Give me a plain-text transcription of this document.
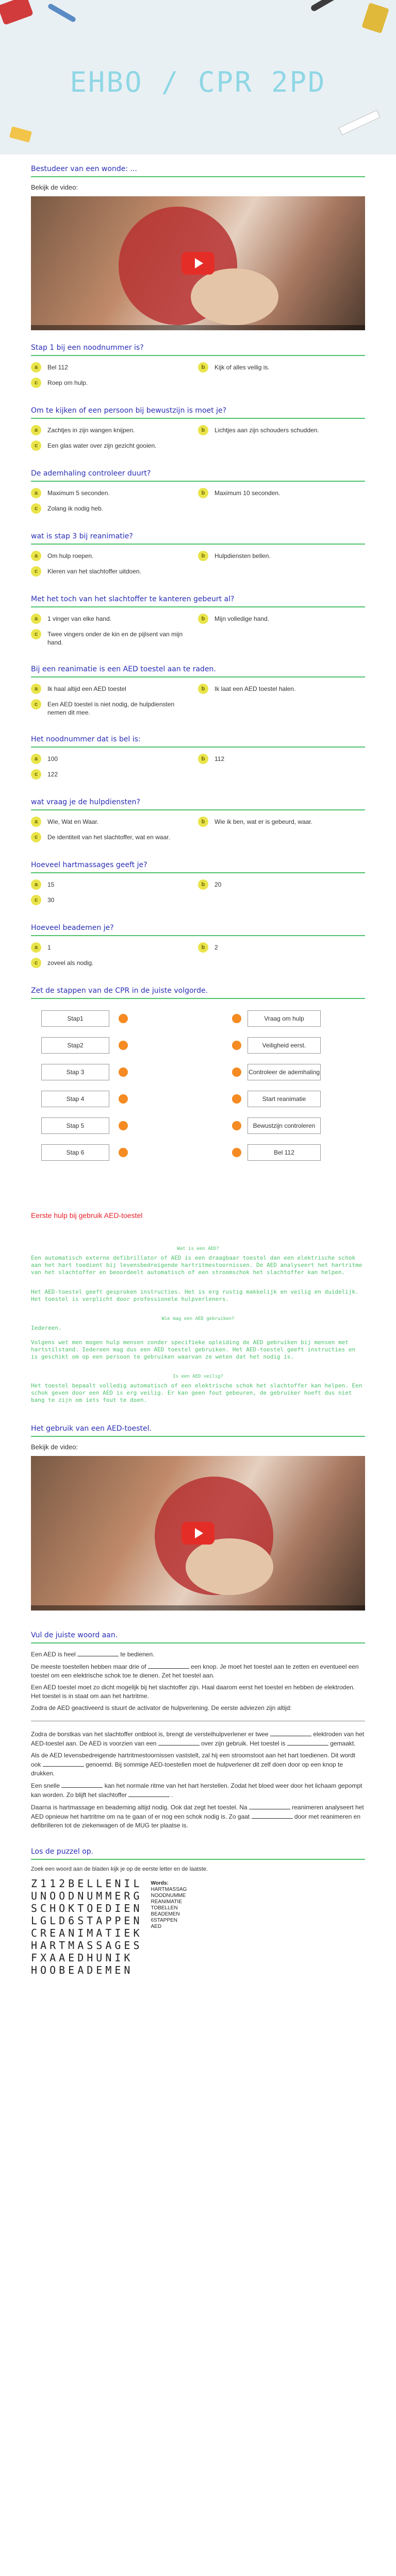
EHBO / CPR 2PD
Bestudeer van een wonde: ...
Bekijk de video:
Stap 1 bij een noodnummer is?
a	Bel 112	b	Kijk of alles veilig is.
c	Roep om hulp.
Om te kijken of een persoon bij bewustzijn is moet je?
a	Zachtjes in zijn wangen knijpen.	b	Lichtjes aan zijn schouders schudden.
c	Een glas water over zijn gezicht gooien.
De ademhaling controleer duurt?
a	Maximum 5 seconden.	b	Maximum 10 seconden.
c	Zolang ik nodig heb.
wat is stap 3 bij reanimatie?
a	Om hulp roepen.	b	Hulpdiensten bellen.
c	Kleren van het slachtoffer uitdoen.
Met het toch van het slachtoffer te kanteren gebeurt al?
a	1 vinger van elke hand.	b	Mijn volledige hand.
c	Twee vingers onder de kin en de pijlsent van mijn hand.
Bij een reanimatie is een AED toestel aan te raden.
a	Ik haal altijd een AED toestel	b	Ik laat een AED toestel halen.
c	Een AED toestel is niet nodig, de hulpdiensten nemen dit mee.
Het noodnummer dat is bel is:
a	100	b	112
c	122
wat vraag je de hulpdiensten?
a	Wie, Wat en Waar.	b	Wie ik ben, wat er is gebeurd, waar.
c	De identiteit van het slachtoffer, wat en waar.
Hoeveel hartmassages geeft je?
a	15	b	20
c	30
Hoeveel beademen je?
a	1	b	2
c	zoveel als nodig.
Zet de stappen van de CPR in de juiste volgorde.
Stap1	Vraag om hulp
Stap2	Veiligheid eerst.
Stap 3	Controleer de ademhaling
Stap 4	Start reanimatie
Stap 5	Bewustzijn controleren
Stap 6	Bel 112
Eerste hulp bij gebruik AED-toestel
Wat is een AED?

Een automatisch externe defibrillator of AED is een draagbaar toestel dan een elektrische schok aan het hart toedient bij levensbedreigende hartritmestoornissen. De AED analyseert het hartritme van het slachtoffer en beoordeelt automatisch of een stroomschok het slachtoffer kan helpen.

Het AED-toestel geeft gesproken instructies. Het is erg rustig makkelijk en veilig en duidelijk. Het toestel is verplicht door professionele hulpverleners.

Wie mag een AED gebruiken?

Iedereen.

Volgens wet men mogen hulp mensen zonder specifieke opleiding de AED gebruiken bij mensen met hartstilstand. Iedereen mag dus een AED toestel gebruiken. Het AED-toestel geeft instructies en is geschikt om op een persoon te gebruiken waarvan ze weten dat het nodig is.

Is een AED veilig?

Het toestel bepaalt volledig automatisch of een elektrische schok het slachtoffer kan helpen. Een schok geven door een AED is erg veilig. Er kan geen fout gebeuren, de gebruiker hoeft dus niet bang te zijn om iets fout te doen.

Het gebruik van een AED-toestel.
Bekijk de video:
Vul de juiste woord aan.

Een AED is heel	te bedienen.

De meeste toestellen hebben maar drie of	een knop. Je moet het toestel aan te zetten en eventueel een toestel om een elektrische schok toe te dienen. Zet het toestel aan.

Een AED toestel moet zo dicht mogelijk bij het slachtoffer zijn. Haal daarom eerst het toestel en hebben de elektroden. Het toestel is in staat om aan het hartritme.

Zodra de AED geactiveerd is stuurt de activator de hulpverlening. De eerste adviezen zijn altijd:

Zodra de borstkas van het slachtoffer ontbloot is, brengt de verstelhulpverlener er twee	elektroden van het AED-toestel aan. De AED is voorzien van een	over zijn gebruik. Het toestel is	gemaakt.

Als de AED levensbedreigende hartritmestoornissen vaststelt, zal hij een stroomstoot aan het hart toedienen. Dit wordt ook	genoemd. Bij sommige AED-toestellen moet de hulpverlener dit zelf doen door op een knop te drukken.

Een snelle	kan het normale ritme van het hart herstellen. Zodat het bloed weer door het lichaam gepompt kan worden. Zo blijft het slachtoffer	.

Daarna is hartmassage en beademing altijd nodig. Ook dat zegt het toestel. Na	reanimeren analyseert het AED opnieuw het hartritme om na te gaan of er nog een schok nodig is. Zo gaat	door met reanimeren en defibrilleren tot de ziekenwagen of de MUG ter plaatse is.

Los de puzzel op.
Zoek een woord aan de bladen kijk je op de eerste letter en de laatste.
Z112BELLENIL
UNOODNUMMERG
SCHOKTOEDIEN
LGLD6STAPPEN
CREANIMATIEK
HARTMASSAGES
FXAAEDHUNIK
HOOBEADEMEN
Words:
HARTMASSAG
NOODNUMME
REANIMATIE
TOBELLEN
BEADEMEN
6STAPPEN
AED
